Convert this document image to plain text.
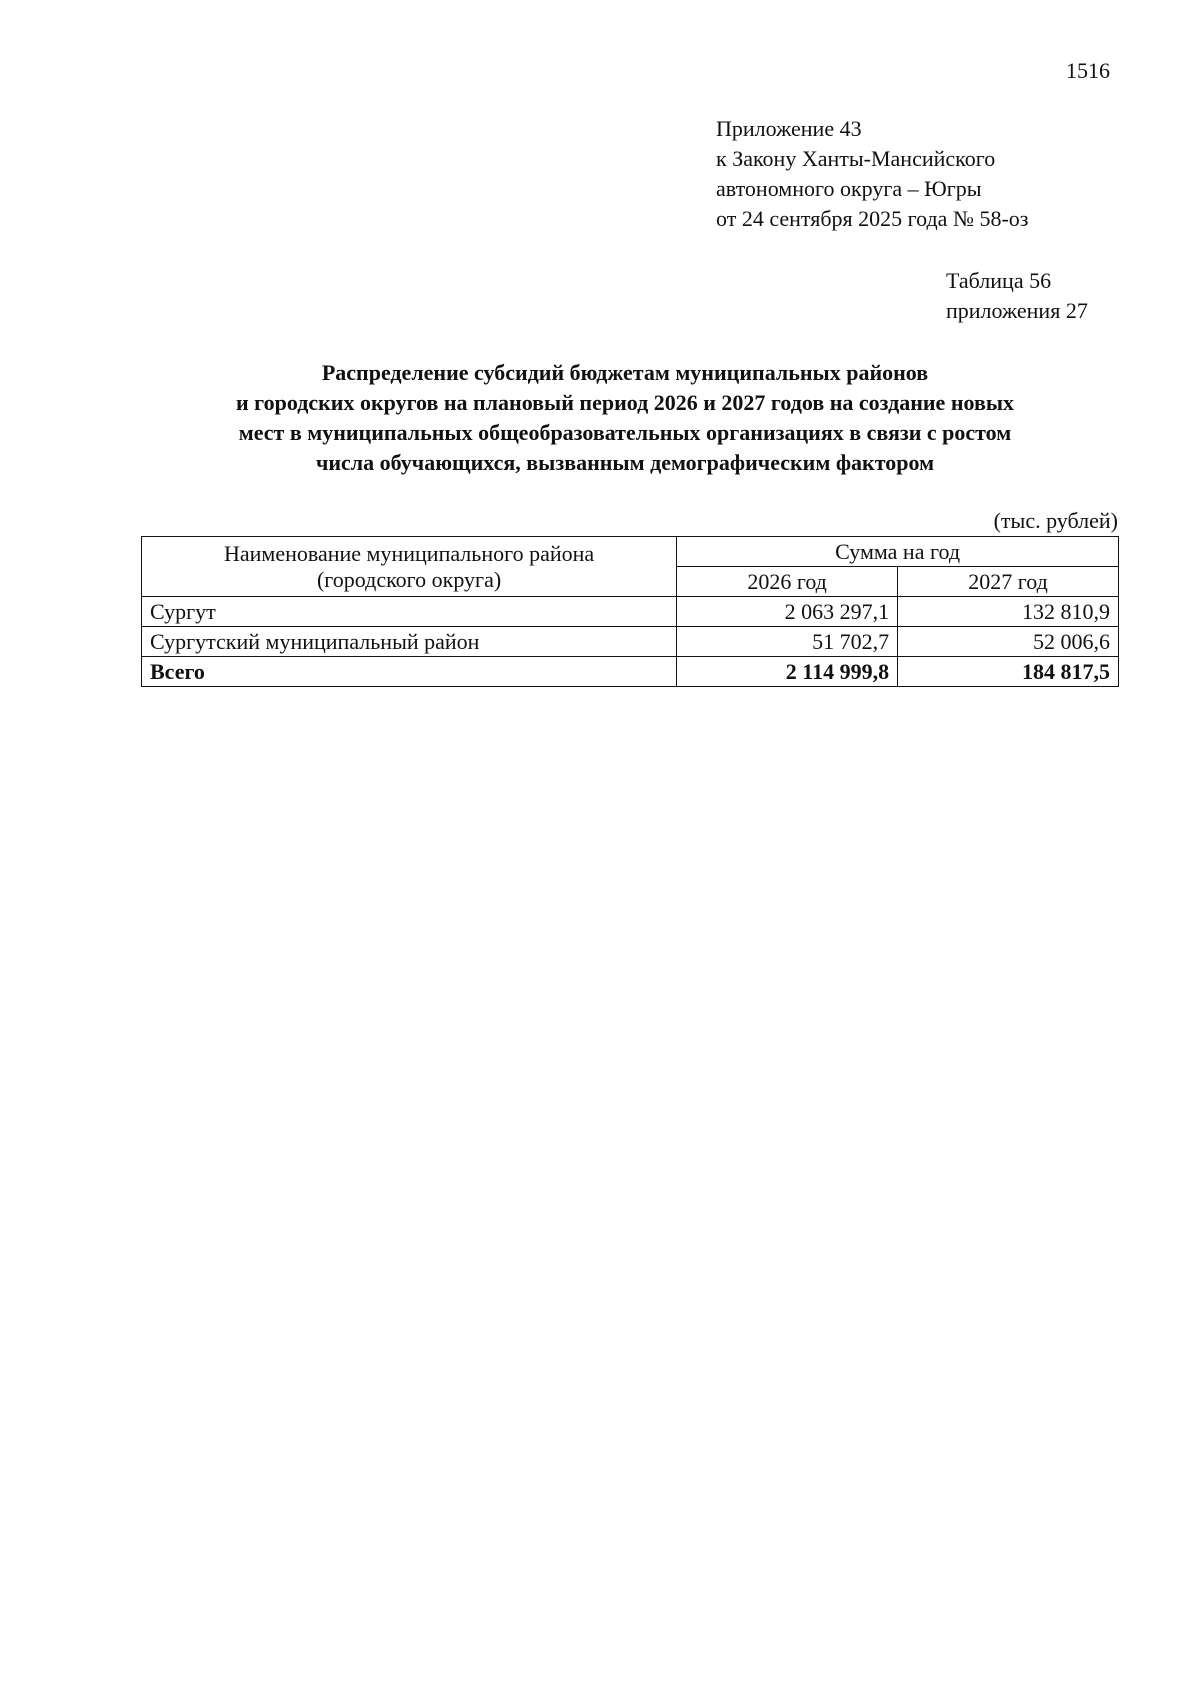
1516
Приложение 43
к Закону Ханты-Мансийского
автономного округа – Югры
от 24 сентября 2025 года № 58-оз
Таблица 56
приложения 27
Распределение субсидий бюджетам муниципальных районов
и городских округов на плановый период 2026 и 2027 годов на создание новых
мест в муниципальных общеобразовательных организациях в связи с ростом
числа обучающихся, вызванным демографическим фактором
(тыс. рублей)
Наименование муниципального района
(городского округа)	Сумма на год	
	2026 год	2027 год
Сургут	2 063 297,1	132 810,9
Сургутский муниципальный район	51 702,7	52 006,6
Всего	2 114 999,8	184 817,5
